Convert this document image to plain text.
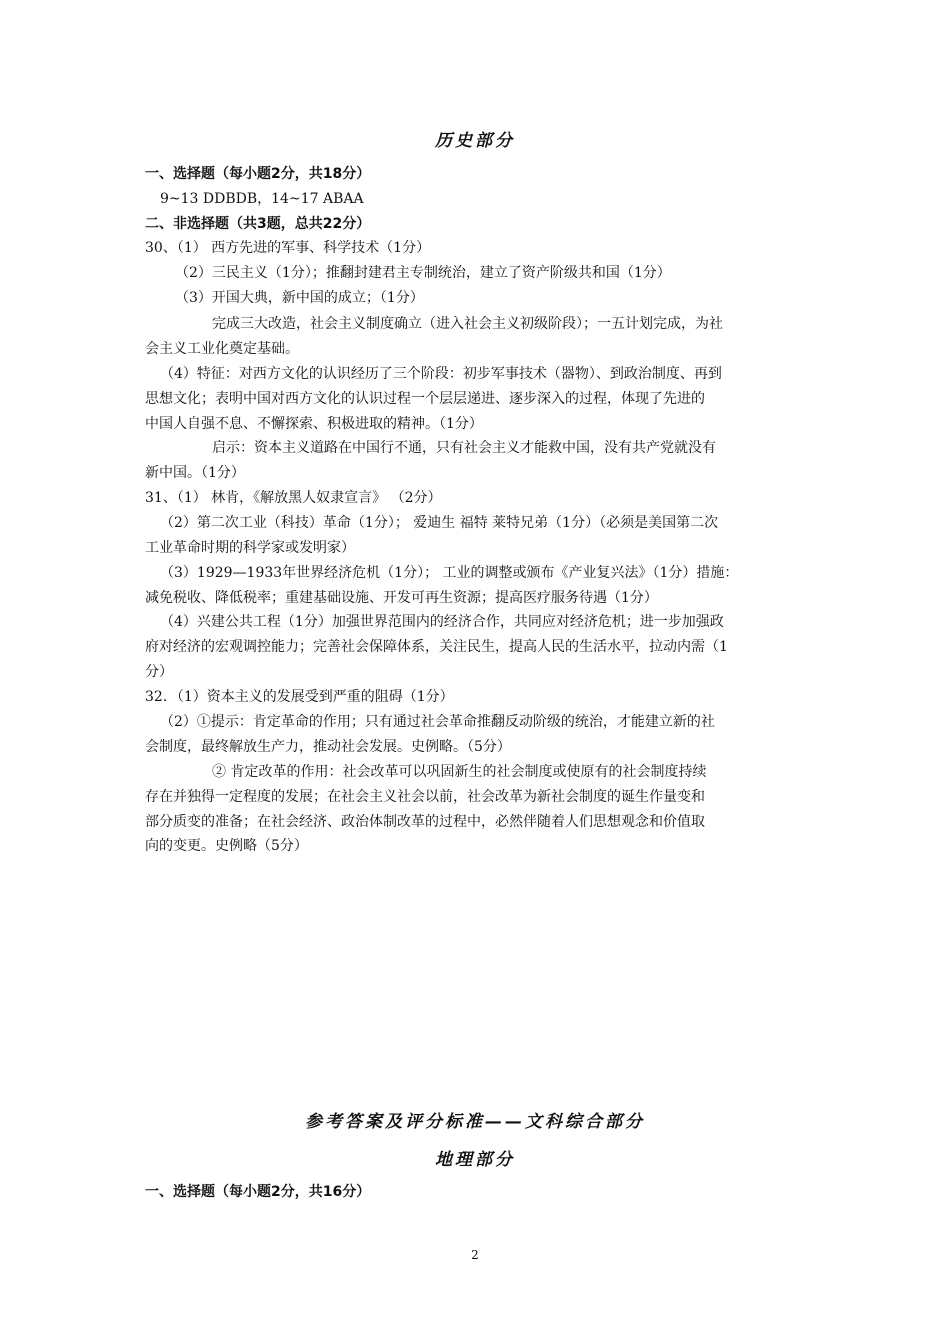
历史部分
一、选择题（每小题2分，共18分）
9~13 DDBDB，14~17 ABAA
二、非选择题（共3题，总共22分）
30、（1） 西方先进的军事、科学技术（1分）
（2）三民主义（1分）；推翻封建君主专制统治，建立了资产阶级共和国（1分）
（3）开国大典，新中国的成立；（1分）
完成三大改造，社会主义制度确立（进入社会主义初级阶段）；一五计划完成，为社
会主义工业化奠定基础。
（4）特征：对西方文化的认识经历了三个阶段：初步军事技术（器物）、到政治制度、再到
思想文化；表明中国对西方文化的认识过程一个层层递进、逐步深入的过程，体现了先进的
中国人自强不息、不懈探索、积极进取的精神。（1分）
启示：资本主义道路在中国行不通，只有社会主义才能救中国，没有共产党就没有
新中国。（1分）
31、（1） 林肯，《解放黑人奴隶宣言》 （2分）
（2）第二次工业（科技）革命（1分）； 爱迪生 福特 莱特兄弟（1分）（必须是美国第二次
工业革命时期的科学家或发明家）
（3）1929—1933年世界经济危机（1分）； 工业的调整或颁布《产业复兴法》（1分）措施：
减免税收、降低税率；重建基础设施、开发可再生资源；提高医疗服务待遇（1分）
（4）兴建公共工程（1分）加强世界范围内的经济合作，共同应对经济危机；进一步加强政
府对经济的宏观调控能力；完善社会保障体系，关注民生，提高人民的生活水平，拉动内需（1
分）
32．（1）资本主义的发展受到严重的阻碍（1分）
（2）①提示：肯定革命的作用；只有通过社会革命推翻反动阶级的统治，才能建立新的社
会制度，最终解放生产力，推动社会发展。史例略。（5分）
② 肯定改革的作用：社会改革可以巩固新生的社会制度或使原有的社会制度持续
存在并独得一定程度的发展；在社会主义社会以前，社会改革为新社会制度的诞生作量变和
部分质变的准备；在社会经济、政治体制改革的过程中，必然伴随着人们思想观念和价值取
向的变更。史例略（5分）
参考答案及评分标准——文科综合部分
地理部分
一、选择题（每小题2分，共16分）
2
